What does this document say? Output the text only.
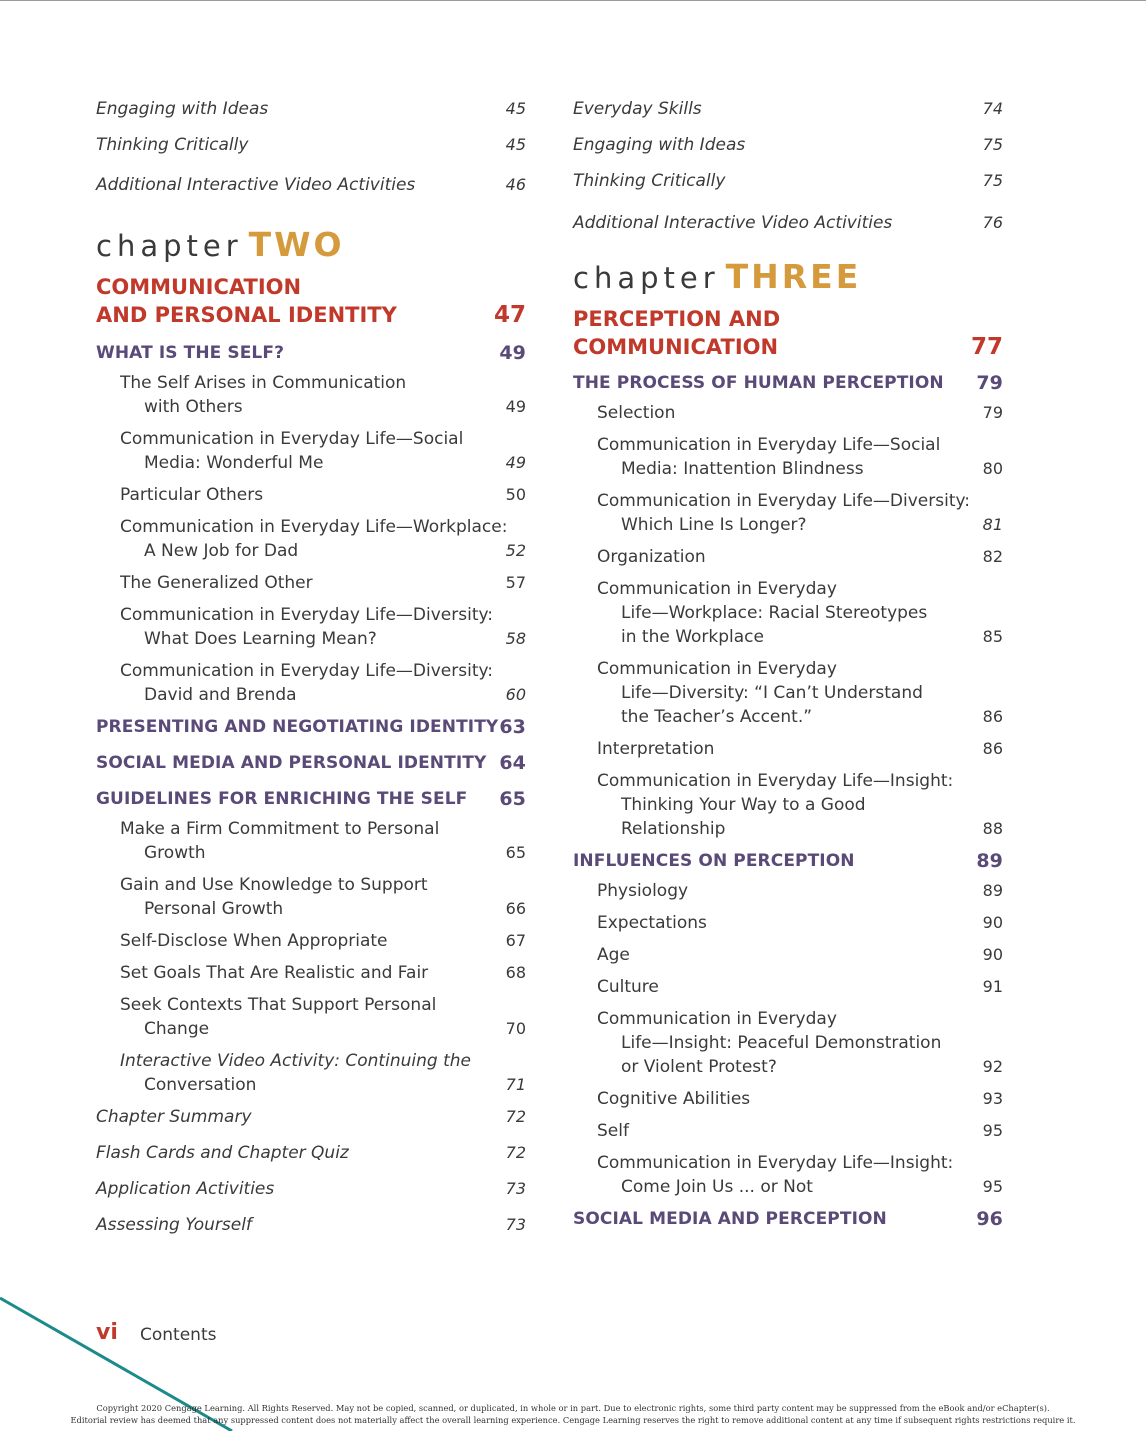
Engaging with Ideas	45
Thinking Critically	45
Additional Interactive Video Activities	46
chapter TWO
COMMUNICATION
AND PERSONAL IDENTITY	47
WHAT IS THE SELF?	49
The Self Arises in Communication
with Others	49
Communication in Everyday Life—Social
Media: Wonderful Me	49
Particular Others	50
Communication in Everyday Life—Workplace:
A New Job for Dad	52
The Generalized Other	57
Communication in Everyday Life—Diversity:
What Does Learning Mean?	58
Communication in Everyday Life—Diversity:
David and Brenda	60
PRESENTING AND NEGOTIATING IDENTITY 63
SOCIAL MEDIA AND PERSONAL IDENTITY 64
GUIDELINES FOR ENRICHING THE SELF 65
Make a Firm Commitment to Personal
Growth	65
Gain and Use Knowledge to Support
Personal Growth	66
Self-Disclose When Appropriate	67
Set Goals That Are Realistic and Fair	68
Seek Contexts That Support Personal
Change	70
Interactive Video Activity: Continuing the
Conversation	71
Chapter Summary	72
Flash Cards and Chapter Quiz	72
Application Activities	73
Assessing Yourself	73
Everyday Skills	74
Engaging with Ideas	75
Thinking Critically	75
Additional Interactive Video Activities	76
chapter THREE
PERCEPTION AND
COMMUNICATION	77
THE PROCESS OF HUMAN PERCEPTION 79
Selection	79
Communication in Everyday Life—Social
Media: Inattention Blindness	80
Communication in Everyday Life—Diversity:
Which Line Is Longer?	81
Organization	82
Communication in Everyday
Life—Workplace: Racial Stereotypes
in the Workplace	85
Communication in Everyday
Life—Diversity: “I Can’t Understand
the Teacher’s Accent.”	86
Interpretation	86
Communication in Everyday Life—Insight:
Thinking Your Way to a Good
Relationship	88
INFLUENCES ON PERCEPTION	89
Physiology	89
Expectations	90
Age	90
Culture	91
Communication in Everyday
Life—Insight: Peaceful Demonstration
or Violent Protest?	92
Cognitive Abilities	93
Self	95
Communication in Everyday Life—Insight:
Come Join Us ... or Not	95
SOCIAL MEDIA AND PERCEPTION	96
vi Contents
Copyright 2020 Cengage Learning. All Rights Reserved. May not be copied, scanned, or duplicated, in whole or in part. Due to electronic rights, some third party content may be suppressed from the eBook and/or eChapter(s).
Editorial review has deemed that any suppressed content does not materially affect the overall learning experience. Cengage Learning reserves the right to remove additional content at any time if subsequent rights restrictions require it.
